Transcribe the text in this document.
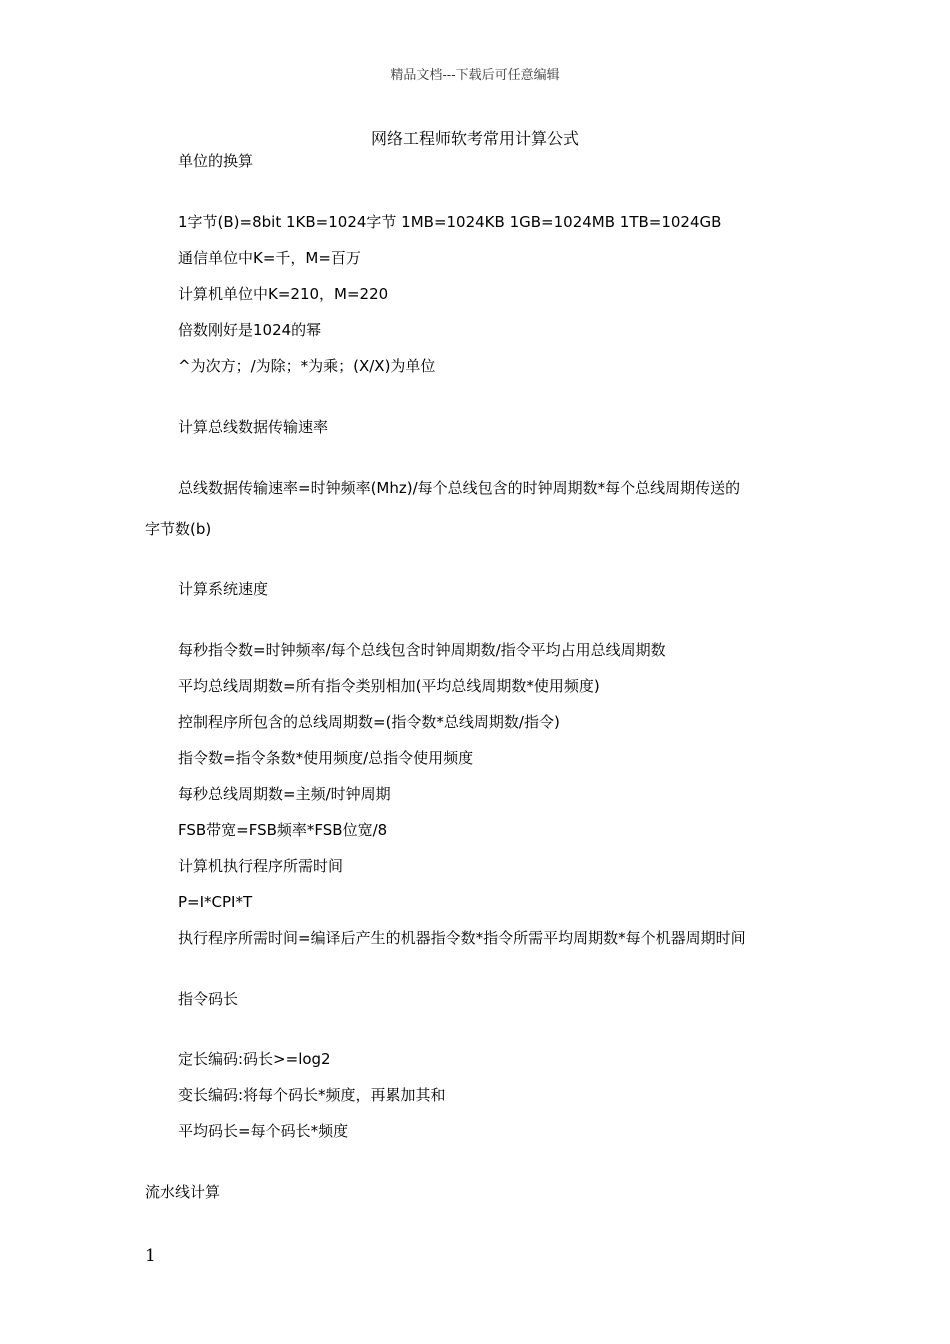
精品文档---下载后可任意编辑
网络工程师软考常用计算公式
单位的换算
1字节(B)=8bit 1KB=1024字节 1MB=1024KB 1GB=1024MB 1TB=1024GB
通信单位中K=千，M=百万
计算机单位中K=210，M=220
倍数刚好是1024的幂
^为次方；/为除；*为乘；(X/X)为单位
计算总线数据传输速率
总线数据传输速率=时钟频率(Mhz)/每个总线包含的时钟周期数*每个总线周期传送的
字节数(b)
计算系统速度
每秒指令数=时钟频率/每个总线包含时钟周期数/指令平均占用总线周期数
平均总线周期数=所有指令类别相加(平均总线周期数*使用频度)
控制程序所包含的总线周期数=(指令数*总线周期数/指令)
指令数=指令条数*使用频度/总指令使用频度
每秒总线周期数=主频/时钟周期
FSB带宽=FSB频率*FSB位宽/8
计算机执行程序所需时间
P=I*CPI*T
执行程序所需时间=编译后产生的机器指令数*指令所需平均周期数*每个机器周期时间
指令码长
定长编码:码长>=log2
变长编码:将每个码长*频度，再累加其和
平均码长=每个码长*频度
流水线计算
1
